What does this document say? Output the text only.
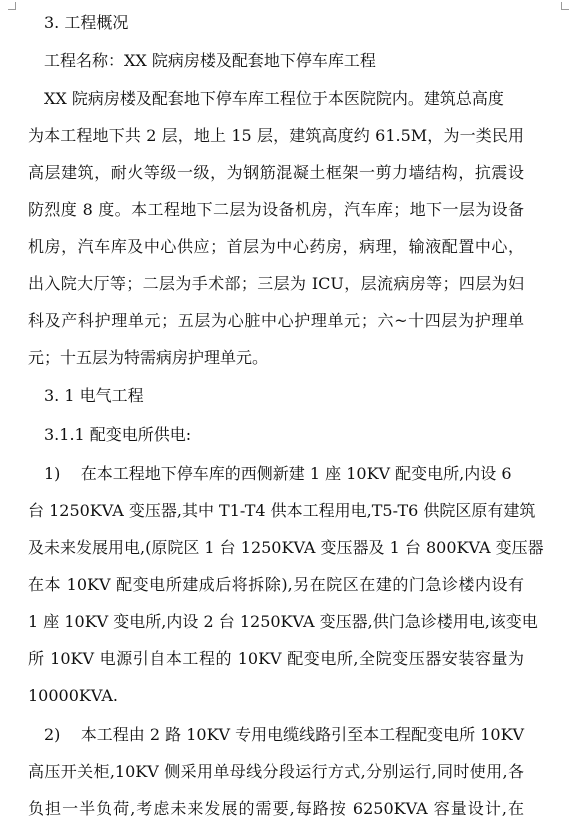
3. 工程概况
工程名称：XX 院病房楼及配套地下停车库工程
XX 院病房楼及配套地下停车库工程位于本医院院内。建筑总高度
为本工程地下共 2 层，地上 15 层，建筑高度约 61.5M，为一类民用
高层建筑，耐火等级一级，为钢筋混凝土框架一剪力墙结构，抗震设
防烈度 8 度。本工程地下二层为设备机房，汽车库；地下一层为设备
机房，汽车库及中心供应；首层为中心药房，病理，输液配置中心，
出入院大厅等；二层为手术部；三层为 ICU，层流病房等；四层为妇
科及产科护理单元；五层为心脏中心护理单元；六~十四层为护理单
元；十五层为特需病房护理单元。
3. 1 电气工程
3.1.1 配变电所供电:
1)    在本工程地下停车库的西侧新建 1 座 10KV 配变电所,内设 6
台 1250KVA 变压器,其中 T1-T4 供本工程用电,T5-T6 供院区原有建筑
及未来发展用电,(原院区 1 台 1250KVA 变压器及 1 台 800KVA 变压器
在本 10KV 配变电所建成后将拆除),另在院区在建的门急诊楼内设有
1 座 10KV 变电所,内设 2 台 1250KVA 变压器,供门急诊楼用电,该变电
所 10KV 电源引自本工程的 10KV 配变电所,全院变压器安装容量为
10000KVA.
2)    本工程由 2 路 10KV 专用电缆线路引至本工程配变电所 10KV
高压开关柜,10KV 侧采用单母线分段运行方式,分别运行,同时使用,各
负担一半负荷,考虑未来发展的需要,每路按 6250KVA 容量设计,在
